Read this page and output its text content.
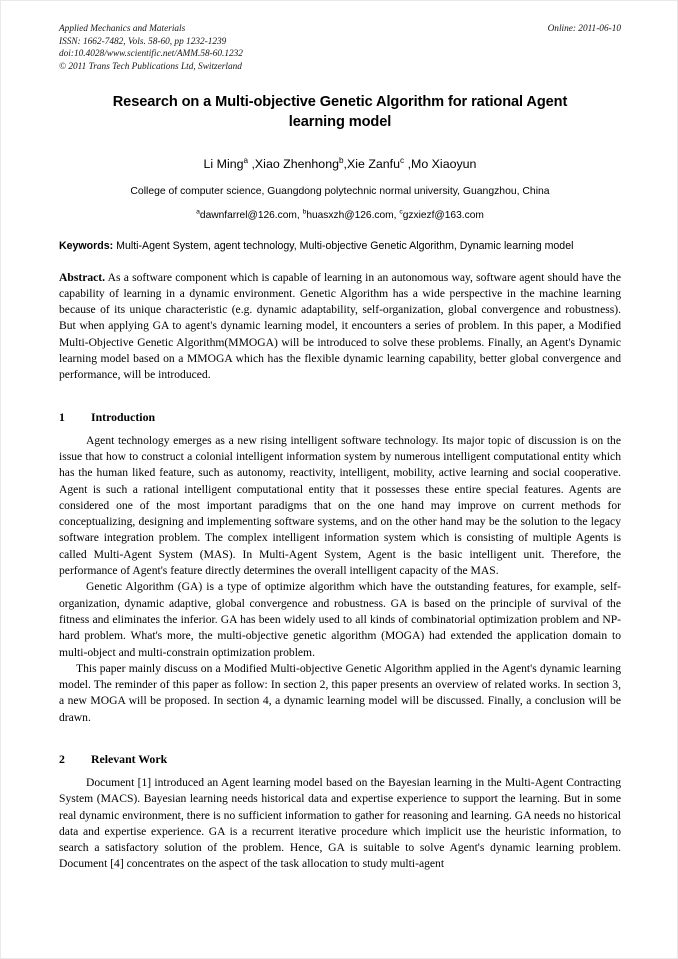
Applied Mechanics and Materials
ISSN: 1662-7482, Vols. 58-60, pp 1232-1239
doi:10.4028/www.scientific.net/AMM.58-60.1232
© 2011 Trans Tech Publications Ltd, Switzerland
Online: 2011-06-10
Research on a Multi-objective Genetic Algorithm for rational Agent learning model
Li Ming$^a$ ,Xiao Zhenhong$^b$,Xie Zanfu$^c$ ,Mo Xiaoyun
College of computer science, Guangdong polytechnic normal university, Guangzhou, China
$^a$dawnfarrel@126.com, $^b$huasxzh@126.com, $^c$gzxiezf@163.com
Keywords: Multi-Agent System, agent technology, Multi-objective Genetic Algorithm, Dynamic learning model
Abstract. As a software component which is capable of learning in an autonomous way, software agent should have the capability of learning in a dynamic environment. Genetic Algorithm has a wide perspective in the machine learning because of its unique characteristic (e.g. dynamic adaptability, self-organization, global convergence and robustness). But when applying GA to agent's dynamic learning model, it encounters a series of problem. In this paper, a Modified Multi-Objective Genetic Algorithm(MMOGA) will be introduced to solve these problems. Finally, an Agent's Dynamic learning model based on a MMOGA which has the flexible dynamic learning capability, better global convergence and performance, will be introduced.
1 Introduction

Agent technology emerges as a new rising intelligent software technology. Its major topic of discussion is on the issue that how to construct a colonial intelligent information system by numerous intelligent computational entity which has the human liked feature, such as autonomy, reactivity, intelligent, mobility, active learning and social cooperative. Agent is such a rational intelligent computational entity that it possesses these entire special features. Agents are considered one of the most important paradigms that on the one hand may improve on current methods for conceptualizing, designing and implementing software systems, and on the other hand may be the solution to the legacy software integration problem. The complex intelligent information system which is consisting of multiple Agents is called Multi-Agent System (MAS). In Multi-Agent System, Agent is the basic intelligent unit. Therefore, the performance of Agent's feature directly determines the overall intelligent capacity of the MAS.

Genetic Algorithm (GA) is a type of optimize algorithm which have the outstanding features, for example, self-organization, dynamic adaptive, global convergence and robustness. GA is based on the principle of survival of the fitness and eliminates the inferior. GA has been widely used to all kinds of combinatorial optimization problem and NP-hard problem. What's more, the multi-objective genetic algorithm (MOGA) had extended the application domain to multi-object and multi-constrain optimization problem.

This paper mainly discuss on a Modified Multi-objective Genetic Algorithm applied in the Agent's dynamic learning model. The reminder of this paper as follow: In section 2, this paper presents an overview of related works. In section 3, a new MOGA will be proposed. In section 4, a dynamic learning model will be discussed. Finally, a conclusion will be drawn.

2 Relevant Work

Document [1] introduced an Agent learning model based on the Bayesian learning in the Multi-Agent Contracting System (MACS). Bayesian learning needs historical data and expertise experience to support the learning. But in some real dynamic environment, there is no sufficient information to gather for reasoning and learning. GA needs no historical data and expertise experience. GA is a recurrent iterative procedure which implicit use the heuristic information, to search a satisfactory solution of the problem. Hence, GA is suitable to solve Agent's dynamic learning problem. Document [4] concentrates on the aspect of the task allocation to study multi-agent
